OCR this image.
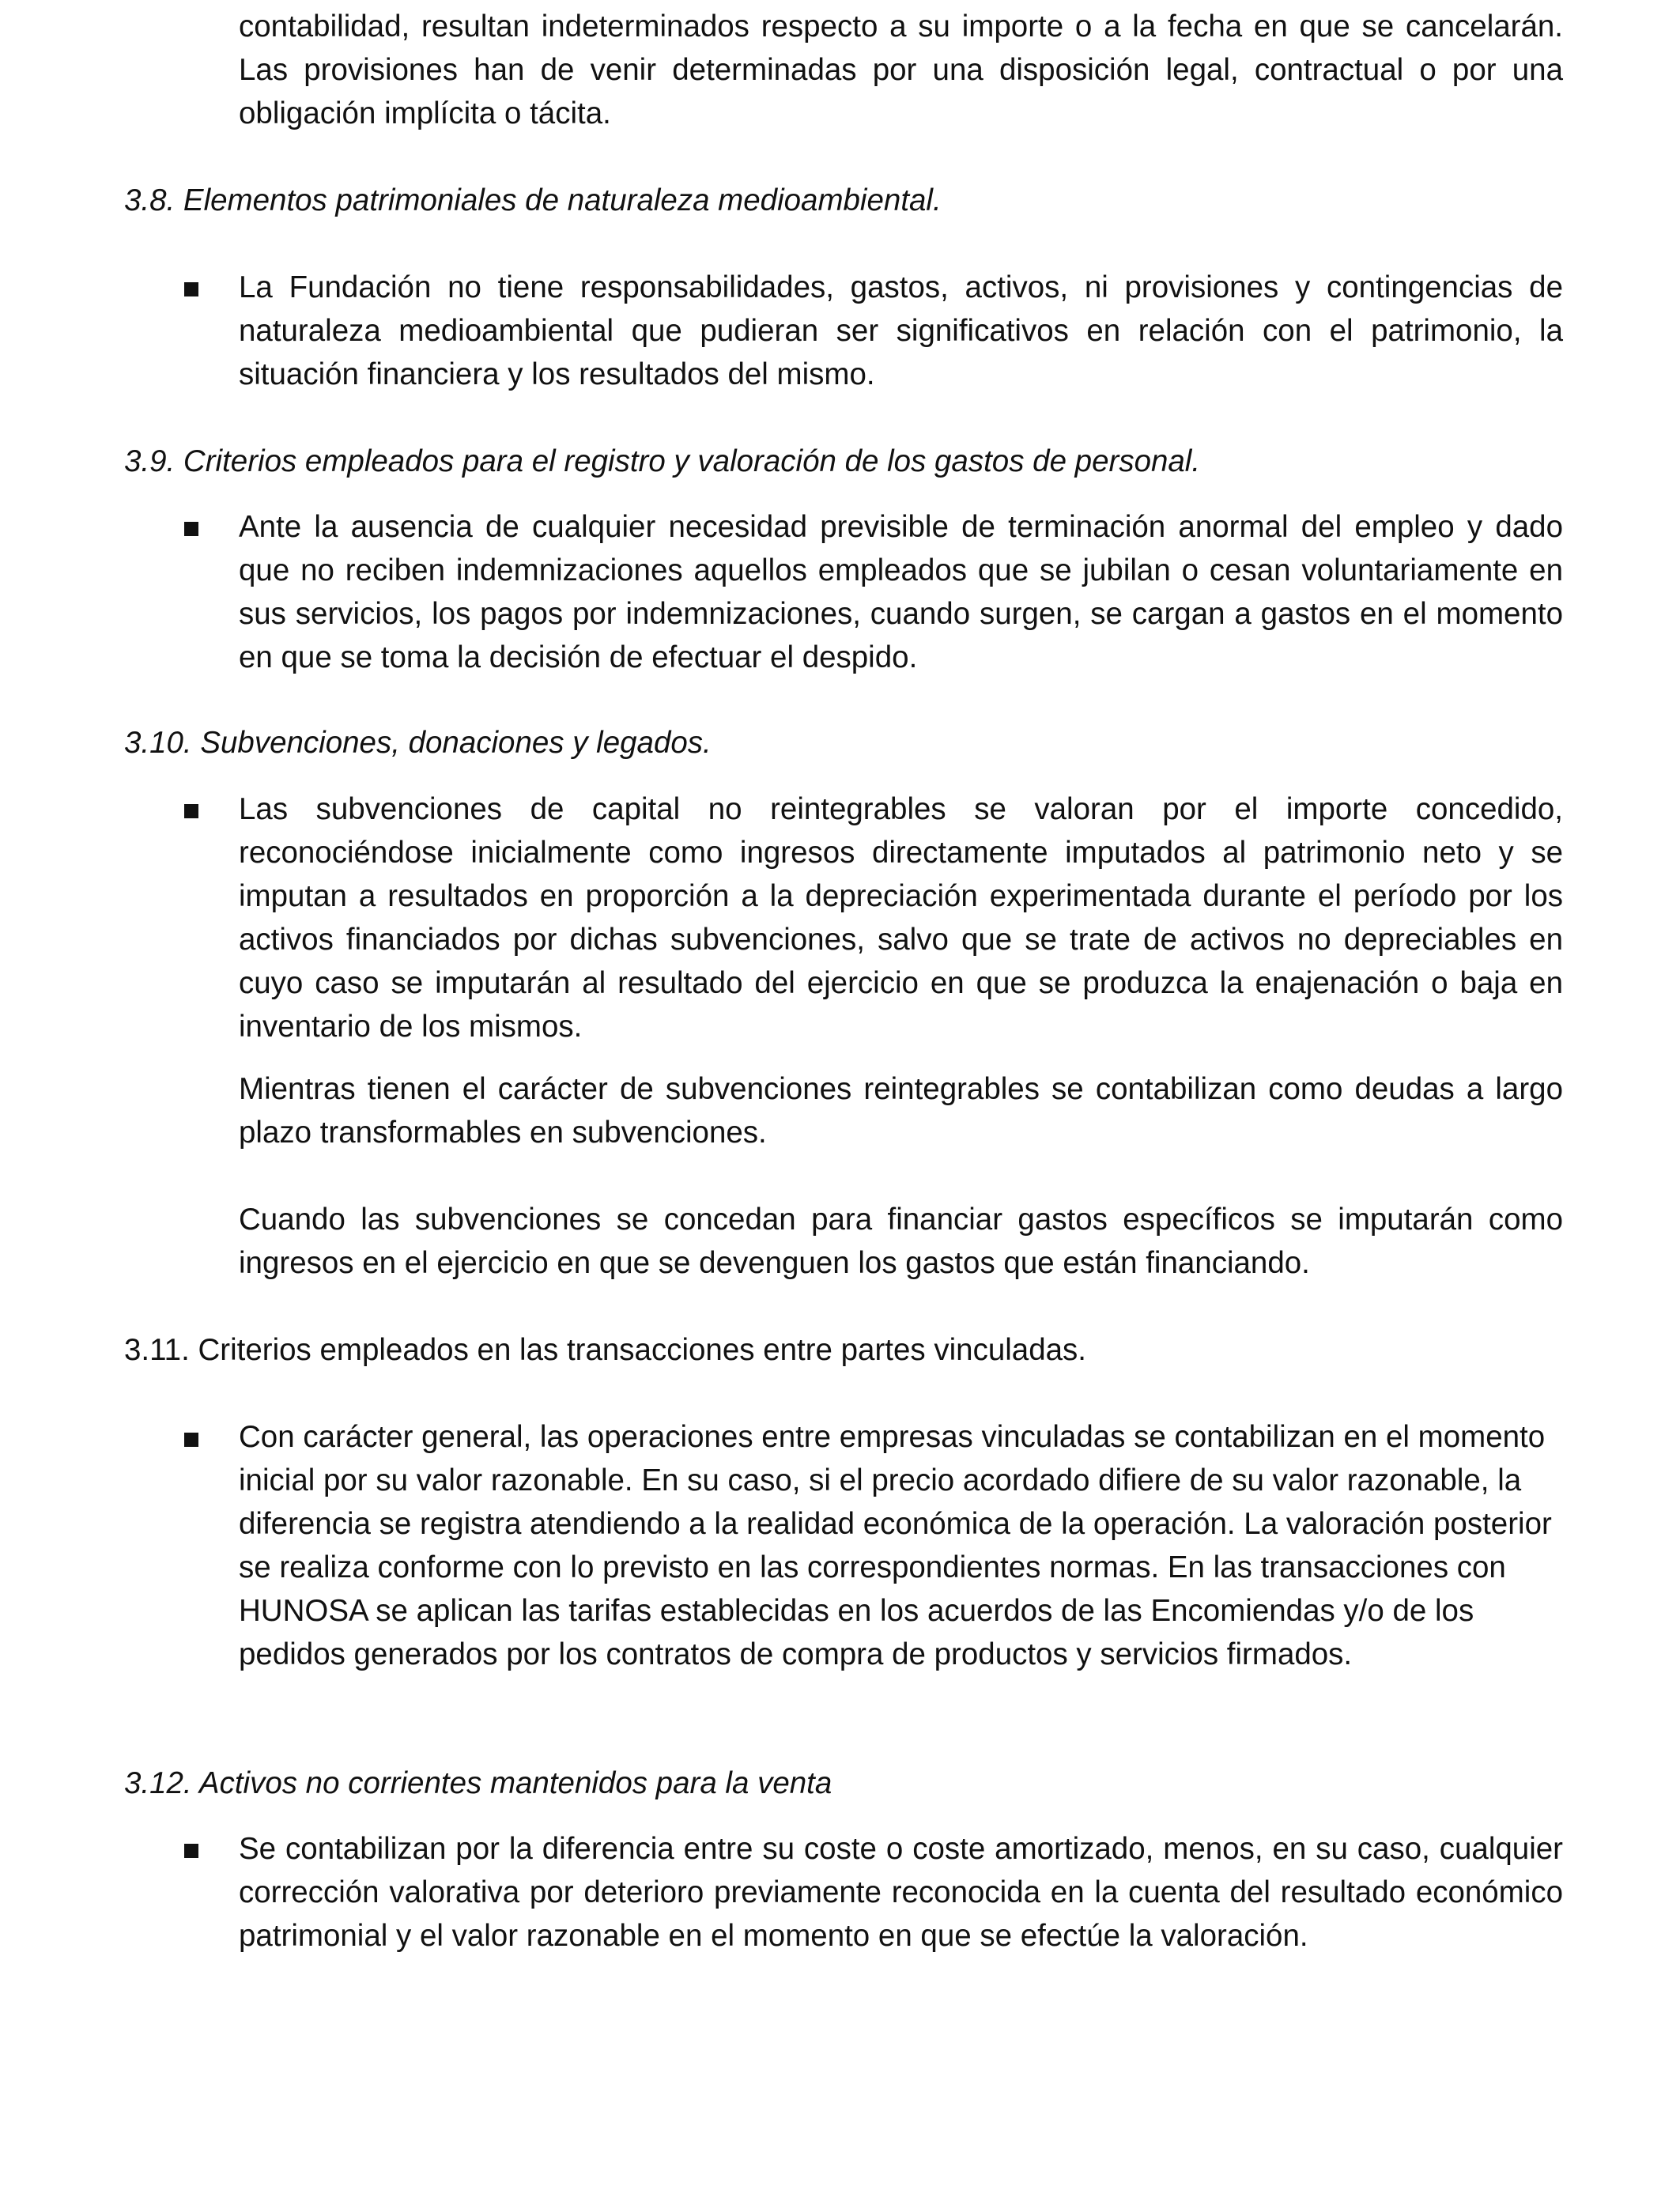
contabilidad, resultan indeterminados respecto a su importe o a la fecha en que se cancelarán. Las provisiones han de venir determinadas por una disposición legal, contractual o por una obligación implícita o tácita.

3.8. Elementos patrimoniales de naturaleza medioambiental.

La Fundación no tiene responsabilidades, gastos, activos, ni provisiones y contingencias de naturaleza medioambiental que pudieran ser significativos en relación con el patrimonio, la situación financiera y los resultados del mismo.

3.9. Criterios empleados para el registro y valoración de los gastos de personal.

Ante la ausencia de cualquier necesidad previsible de terminación anormal del empleo y dado que no reciben indemnizaciones aquellos empleados que se jubilan o cesan voluntariamente en sus servicios, los pagos por indemnizaciones, cuando surgen, se cargan a gastos en el momento en que se toma la decisión de efectuar el despido.

3.10. Subvenciones, donaciones y legados.

Las subvenciones de capital no reintegrables se valoran por el importe concedido, reconociéndose inicialmente como ingresos directamente imputados al patrimonio neto y se imputan a resultados en proporción a la depreciación experimentada durante el período por los activos financiados por dichas subvenciones, salvo que se trate de activos no depreciables en cuyo caso se imputarán al resultado del ejercicio en que se produzca la enajenación o baja en inventario de los mismos.

Mientras tienen el carácter de subvenciones reintegrables se contabilizan como deudas a largo plazo transformables en subvenciones.

Cuando las subvenciones se concedan para financiar gastos específicos se imputarán como ingresos en el ejercicio en que se devenguen los gastos que están financiando.

3.11. Criterios empleados en las transacciones entre partes vinculadas.

Con carácter general, las operaciones entre empresas vinculadas se contabilizan en el momento inicial por su valor razonable. En su caso, si el precio acordado difiere de su valor razonable, la diferencia se registra atendiendo a la realidad económica de la operación. La valoración posterior se realiza conforme con lo previsto en las correspondientes normas. En las transacciones con HUNOSA se aplican las tarifas establecidas en los acuerdos de las Encomiendas y/o de los pedidos generados por los contratos de compra de productos y servicios firmados.

3.12. Activos no corrientes mantenidos para la venta

Se contabilizan por la diferencia entre su coste o coste amortizado, menos, en su caso, cualquier corrección valorativa por deterioro previamente reconocida en la cuenta del resultado económico patrimonial y el valor razonable en el momento en que se efectúe la valoración.
